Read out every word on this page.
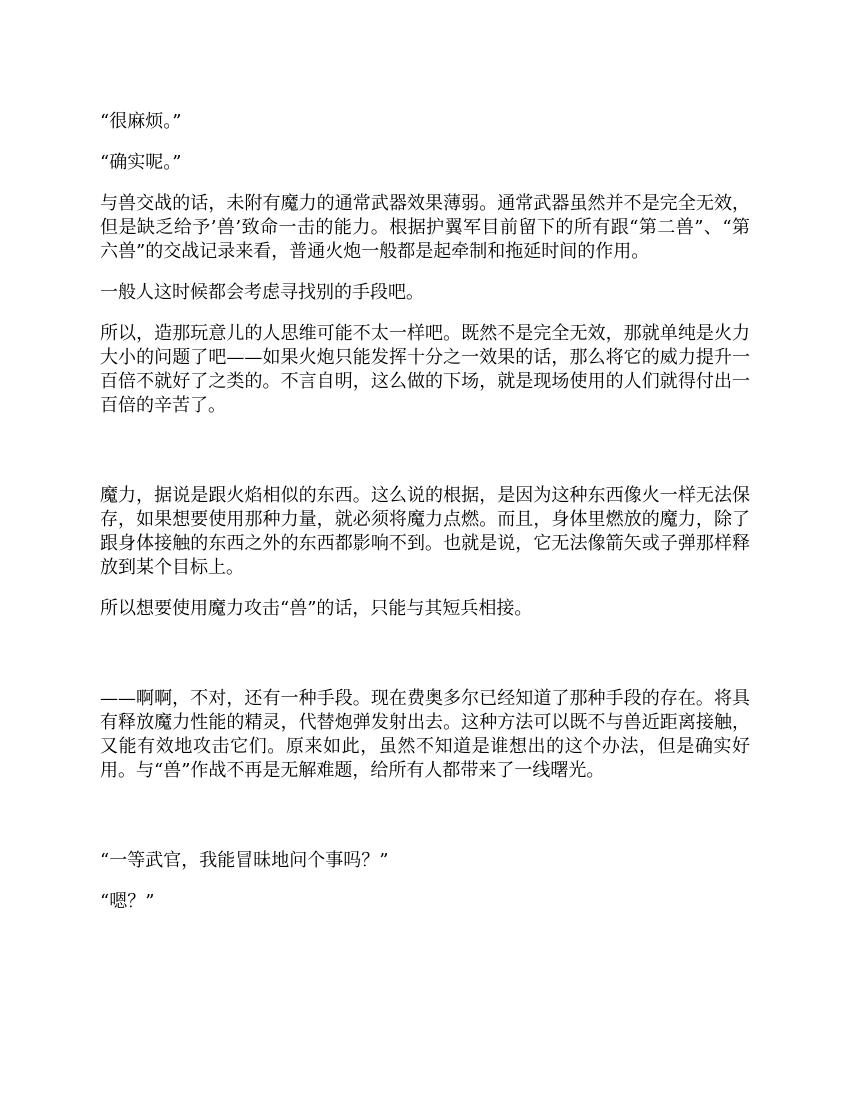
“很麻烦。”

“确实呢。”

与兽交战的话，未附有魔力的通常武器效果薄弱。通常武器虽然并不是完全无效，但是缺乏给予’兽’致命一击的能力。根据护翼军目前留下的所有跟“第二兽”、“第六兽”的交战记录来看，普通火炮一般都是起牵制和拖延时间的作用。

一般人这时候都会考虑寻找别的手段吧。

所以，造那玩意儿的人思维可能不太一样吧。既然不是完全无效，那就单纯是火力大小的问题了吧——如果火炮只能发挥十分之一效果的话，那么将它的威力提升一百倍不就好了之类的。不言自明，这么做的下场，就是现场使用的人们就得付出一百倍的辛苦了。

魔力，据说是跟火焰相似的东西。这么说的根据，是因为这种东西像火一样无法保存，如果想要使用那种力量，就必须将魔力点燃。而且，身体里燃放的魔力，除了跟身体接触的东西之外的东西都影响不到。也就是说，它无法像箭矢或子弹那样释放到某个目标上。

所以想要使用魔力攻击“兽”的话，只能与其短兵相接。

——啊啊，不对，还有一种手段。现在费奥多尔已经知道了那种手段的存在。将具有释放魔力性能的精灵，代替炮弹发射出去。这种方法可以既不与兽近距离接触，又能有效地攻击它们。原来如此，虽然不知道是谁想出的这个办法，但是确实好用。与“兽”作战不再是无解难题，给所有人都带来了一线曙光。

“一等武官，我能冒昧地问个事吗？”

“嗯？”
